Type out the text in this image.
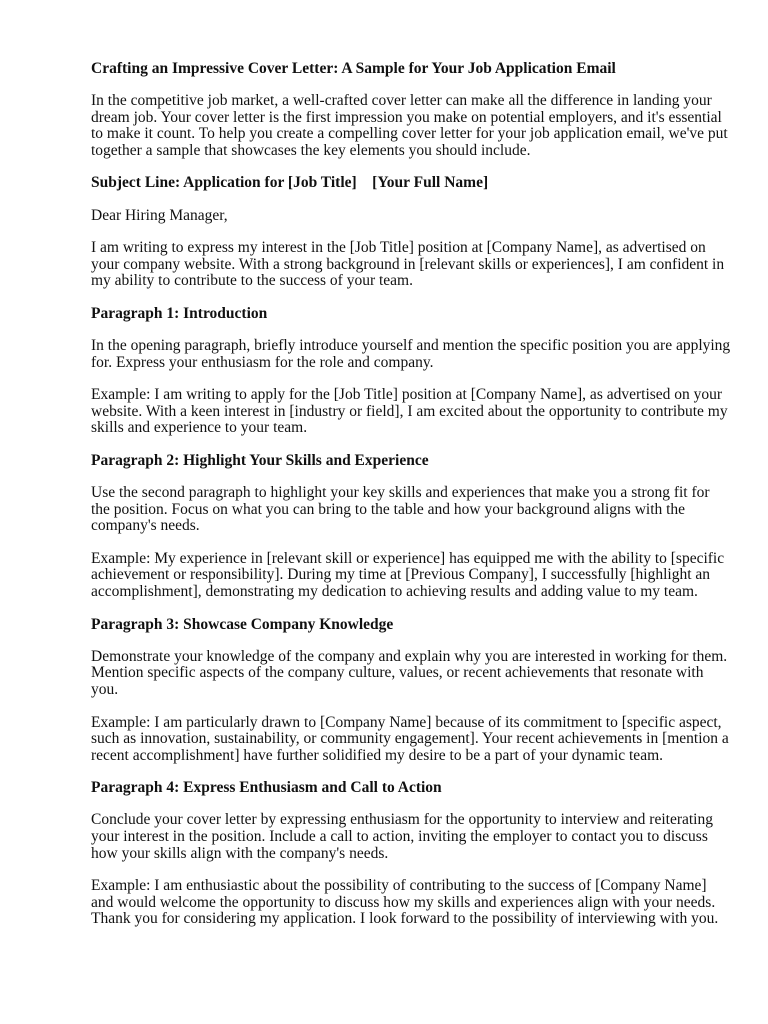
Crafting an Impressive Cover Letter: A Sample for Your Job Application Email
In the competitive job market, a well-crafted cover letter can make all the difference in landing your dream job. Your cover letter is the first impression you make on potential employers, and it's essential to make it count. To help you create a compelling cover letter for your job application email, we've put together a sample that showcases the key elements you should include.
Subject Line: Application for [Job Title]    [Your Full Name]
Dear Hiring Manager,
I am writing to express my interest in the [Job Title] position at [Company Name], as advertised on your company website. With a strong background in [relevant skills or experiences], I am confident in my ability to contribute to the success of your team.
Paragraph 1: Introduction
In the opening paragraph, briefly introduce yourself and mention the specific position you are applying for. Express your enthusiasm for the role and company.
Example: I am writing to apply for the [Job Title] position at [Company Name], as advertised on your website. With a keen interest in [industry or field], I am excited about the opportunity to contribute my skills and experience to your team.
Paragraph 2: Highlight Your Skills and Experience
Use the second paragraph to highlight your key skills and experiences that make you a strong fit for the position. Focus on what you can bring to the table and how your background aligns with the company's needs.
Example: My experience in [relevant skill or experience] has equipped me with the ability to [specific achievement or responsibility]. During my time at [Previous Company], I successfully [highlight an accomplishment], demonstrating my dedication to achieving results and adding value to my team.
Paragraph 3: Showcase Company Knowledge
Demonstrate your knowledge of the company and explain why you are interested in working for them. Mention specific aspects of the company culture, values, or recent achievements that resonate with you.
Example: I am particularly drawn to [Company Name] because of its commitment to [specific aspect, such as innovation, sustainability, or community engagement]. Your recent achievements in [mention a recent accomplishment] have further solidified my desire to be a part of your dynamic team.
Paragraph 4: Express Enthusiasm and Call to Action
Conclude your cover letter by expressing enthusiasm for the opportunity to interview and reiterating your interest in the position. Include a call to action, inviting the employer to contact you to discuss how your skills align with the company's needs.
Example: I am enthusiastic about the possibility of contributing to the success of [Company Name] and would welcome the opportunity to discuss how my skills and experiences align with your needs. Thank you for considering my application. I look forward to the possibility of interviewing with you.
